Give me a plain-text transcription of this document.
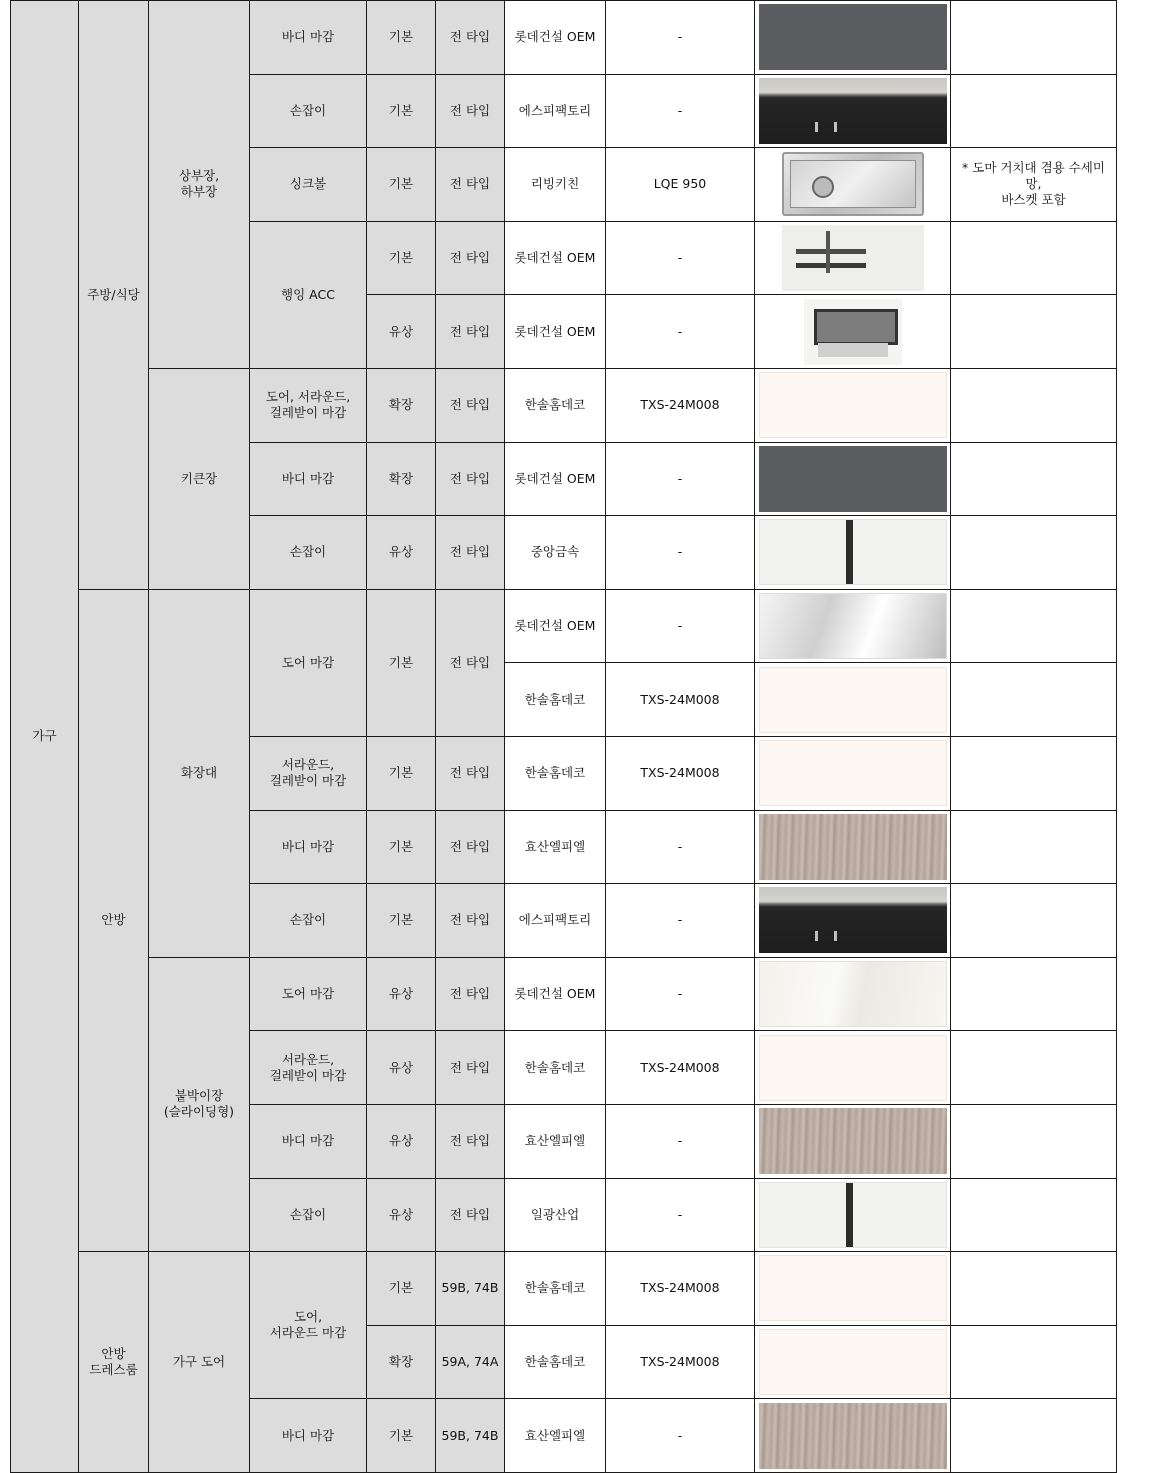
가구	주방/식당	상부장,
하부장	바디 마감	기본	전 타입	롯데건설 OEM	-	

			손잡이	기본	전 타입	에스피팩토리	-	

			싱크볼	기본	전 타입	리빙키친	LQE 950		* 도마 거치대 겸용 수세미망,
바스켓 포함
			행잉 ACC	기본	전 타입	롯데건설 OEM	-	

				유상	전 타입	롯데건설 OEM	-	

		키큰장	도어, 서라운드,
걸레받이 마감	확장	전 타입	한솔홈데코	TXS-24M008	

			바디 마감	확장	전 타입	롯데건설 OEM	-	

			손잡이	유상	전 타입	중앙금속	-	

	안방	화장대	도어 마감	기본	전 타입	롯데건설 OEM	-	

						한솔홈데코	TXS-24M008	

			서라운드,
걸레받이 마감	기본	전 타입	한솔홈데코	TXS-24M008	

			바디 마감	기본	전 타입	효산엘피엘	-	

			손잡이	기본	전 타입	에스피팩토리	-	

		붙박이장
(슬라이딩형)	도어 마감	유상	전 타입	롯데건설 OEM	-	

			서라운드,
걸레받이 마감	유상	전 타입	한솔홈데코	TXS-24M008	

			바디 마감	유상	전 타입	효산엘피엘	-	

			손잡이	유상	전 타입	일광산업	-	

	안방
드레스룸	가구 도어	도어,
서라운드 마감	기본	59B, 74B	한솔홈데코	TXS-24M008	

				확장	59A, 74A	한솔홈데코	TXS-24M008	

			바디 마감	기본	59B, 74B	효산엘피엘	-	
